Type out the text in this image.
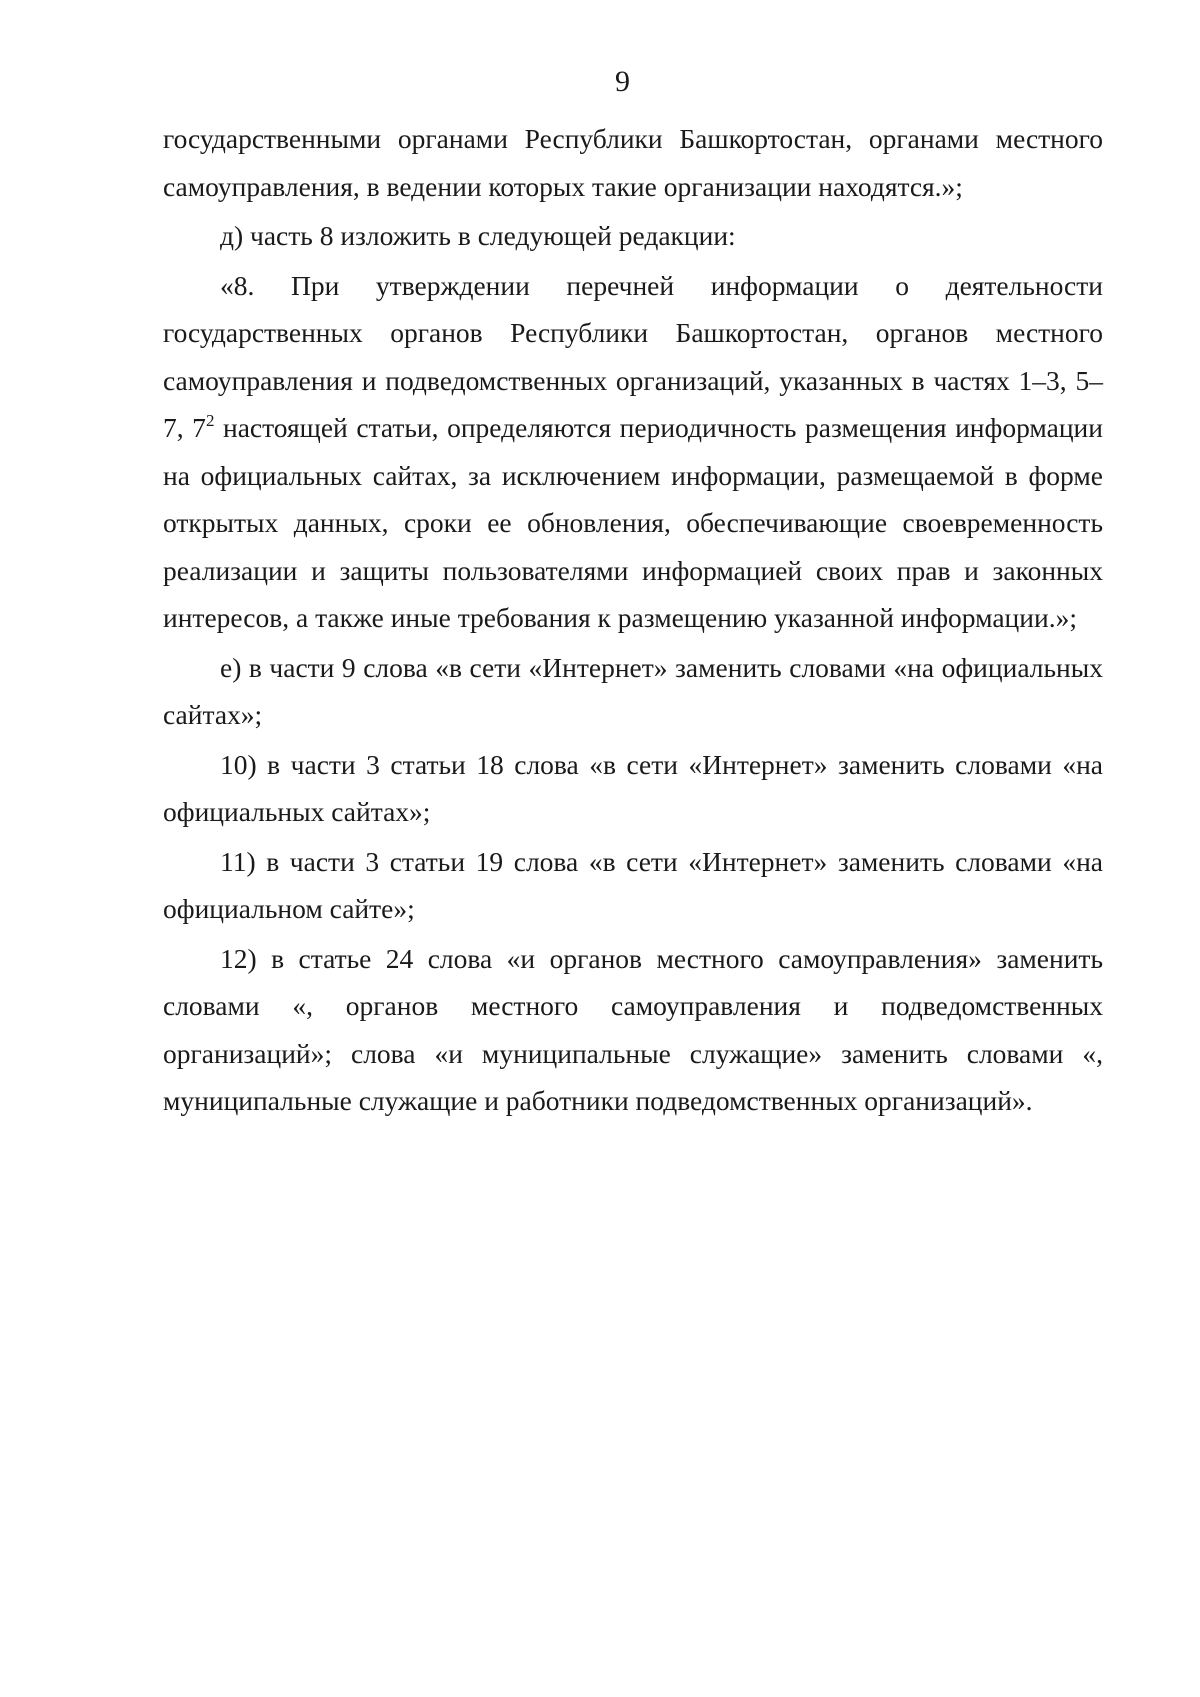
9

государственными органами Республики Башкортостан, органами местного самоуправления, в ведении которых такие организации находятся.»;

д) часть 8 изложить в следующей редакции:

«8. При утверждении перечней информации о деятельности государственных органов Республики Башкортостан, органов местного самоуправления и подведомственных организаций, указанных в частях 1–3, 5–7, $7^2$ настоящей статьи, определяются периодичность размещения информации на официальных сайтах, за исключением информации, размещаемой в форме открытых данных, сроки ее обновления, обеспечивающие своевременность реализации и защиты пользователями информацией своих прав и законных интересов, а также иные требования к размещению указанной информации.»;

е) в части 9 слова «в сети «Интернет» заменить словами «на официальных сайтах»;

10) в части 3 статьи 18 слова «в сети «Интернет» заменить словами «на официальных сайтах»;

11) в части 3 статьи 19 слова «в сети «Интернет» заменить словами «на официальном сайте»;

12) в статье 24 слова «и органов местного самоуправления» заменить словами «, органов местного самоуправления и подведомственных организаций»; слова «и муниципальные служащие» заменить словами «, муниципальные служащие и работники подведомственных организаций».
